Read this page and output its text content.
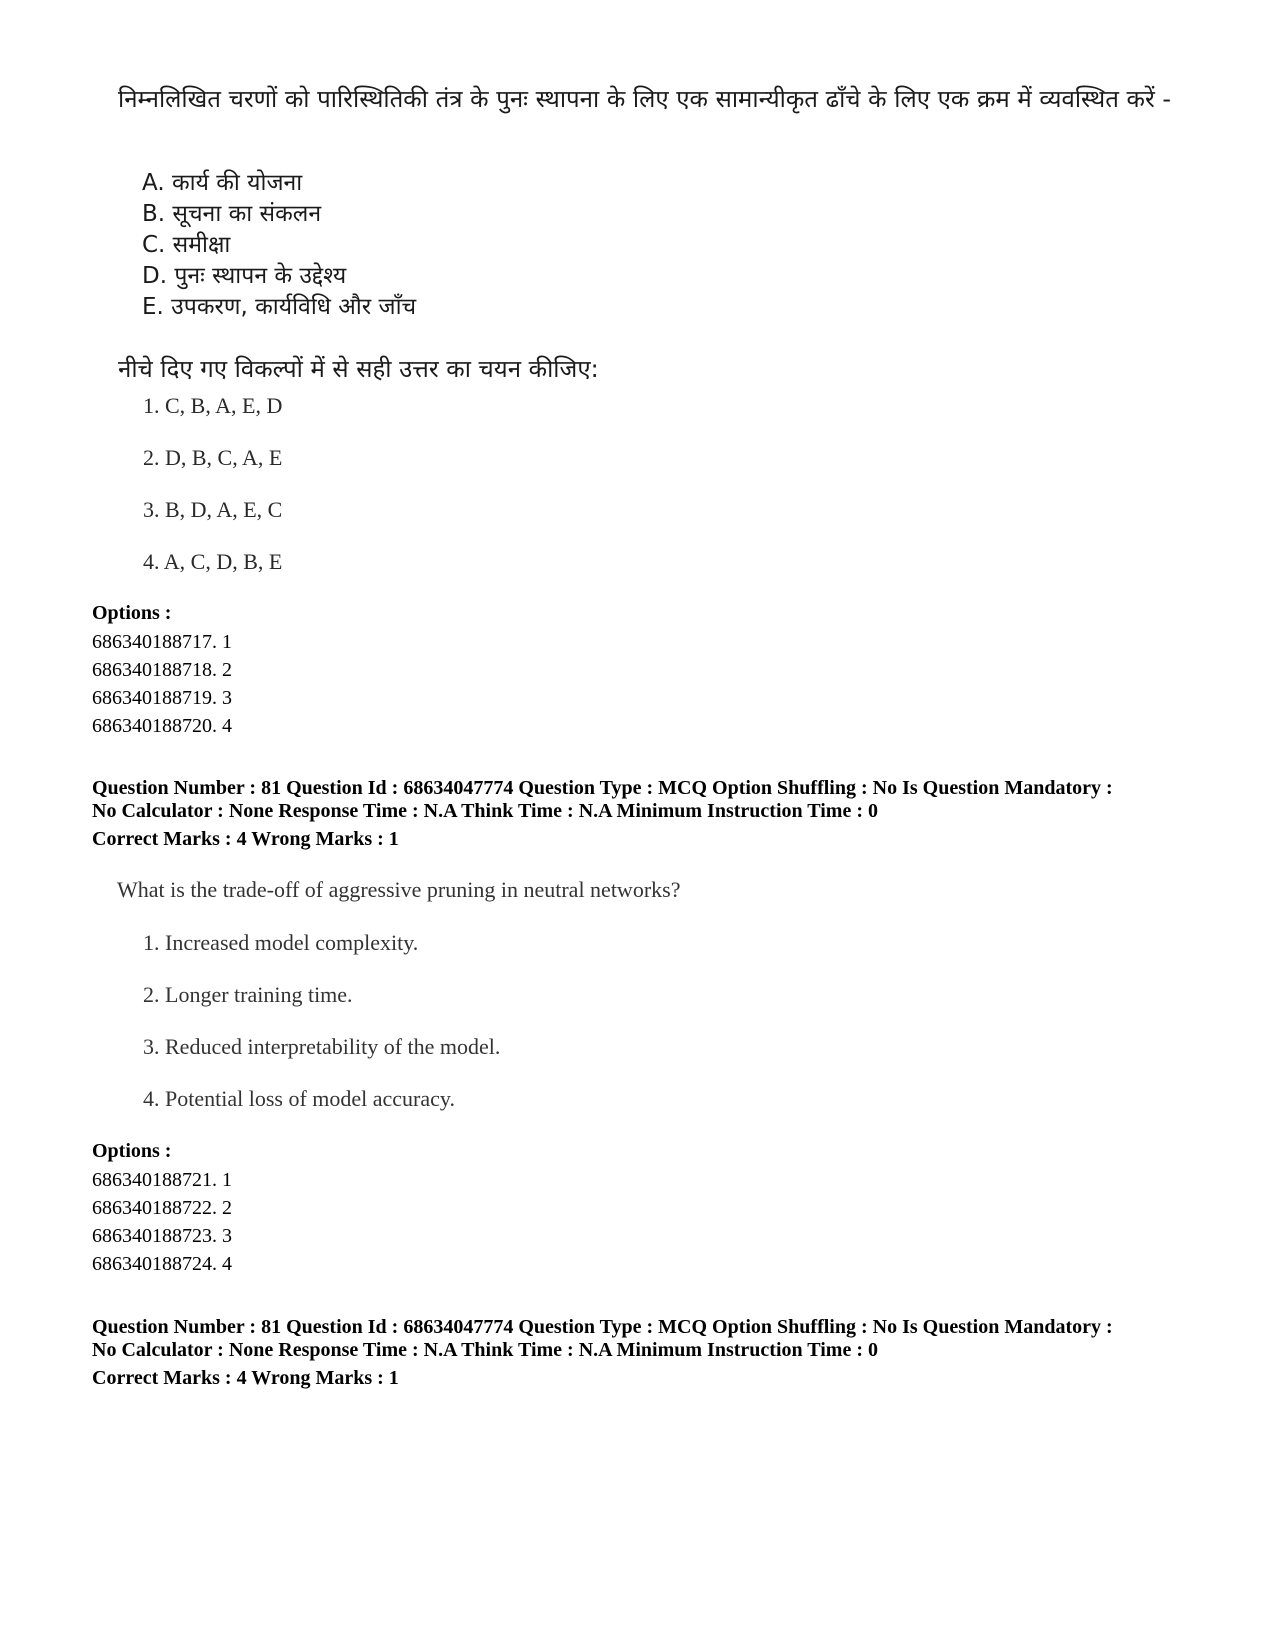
निम्नलिखित चरणों को पारिस्थितिकी तंत्र के पुनः स्थापना के लिए एक सामान्यीकृत ढाँचे के लिए एक क्रम में व्यवस्थित करें -
A. कार्य की योजना
B. सूचना का संकलन
C. समीक्षा
D. पुनः स्थापन के उद्देश्य
E. उपकरण, कार्यविधि और जाँच
नीचे दिए गए विकल्पों में से सही उत्तर का चयन कीजिए:
1. C, B, A, E, D
2. D, B, C, A, E
3. B, D, A, E, C
4. A, C, D, B, E
Options :
686340188717. 1
686340188718. 2
686340188719. 3
686340188720. 4
Question Number : 81 Question Id : 68634047774 Question Type : MCQ Option Shuffling : No Is Question Mandatory :
No Calculator : None Response Time : N.A Think Time : N.A Minimum Instruction Time : 0
Correct Marks : 4 Wrong Marks : 1
What is the trade-off of aggressive pruning in neutral networks?
1. Increased model complexity.
2. Longer training time.
3. Reduced interpretability of the model.
4. Potential loss of model accuracy.
Options :
686340188721. 1
686340188722. 2
686340188723. 3
686340188724. 4
Question Number : 81 Question Id : 68634047774 Question Type : MCQ Option Shuffling : No Is Question Mandatory :
No Calculator : None Response Time : N.A Think Time : N.A Minimum Instruction Time : 0
Correct Marks : 4 Wrong Marks : 1
